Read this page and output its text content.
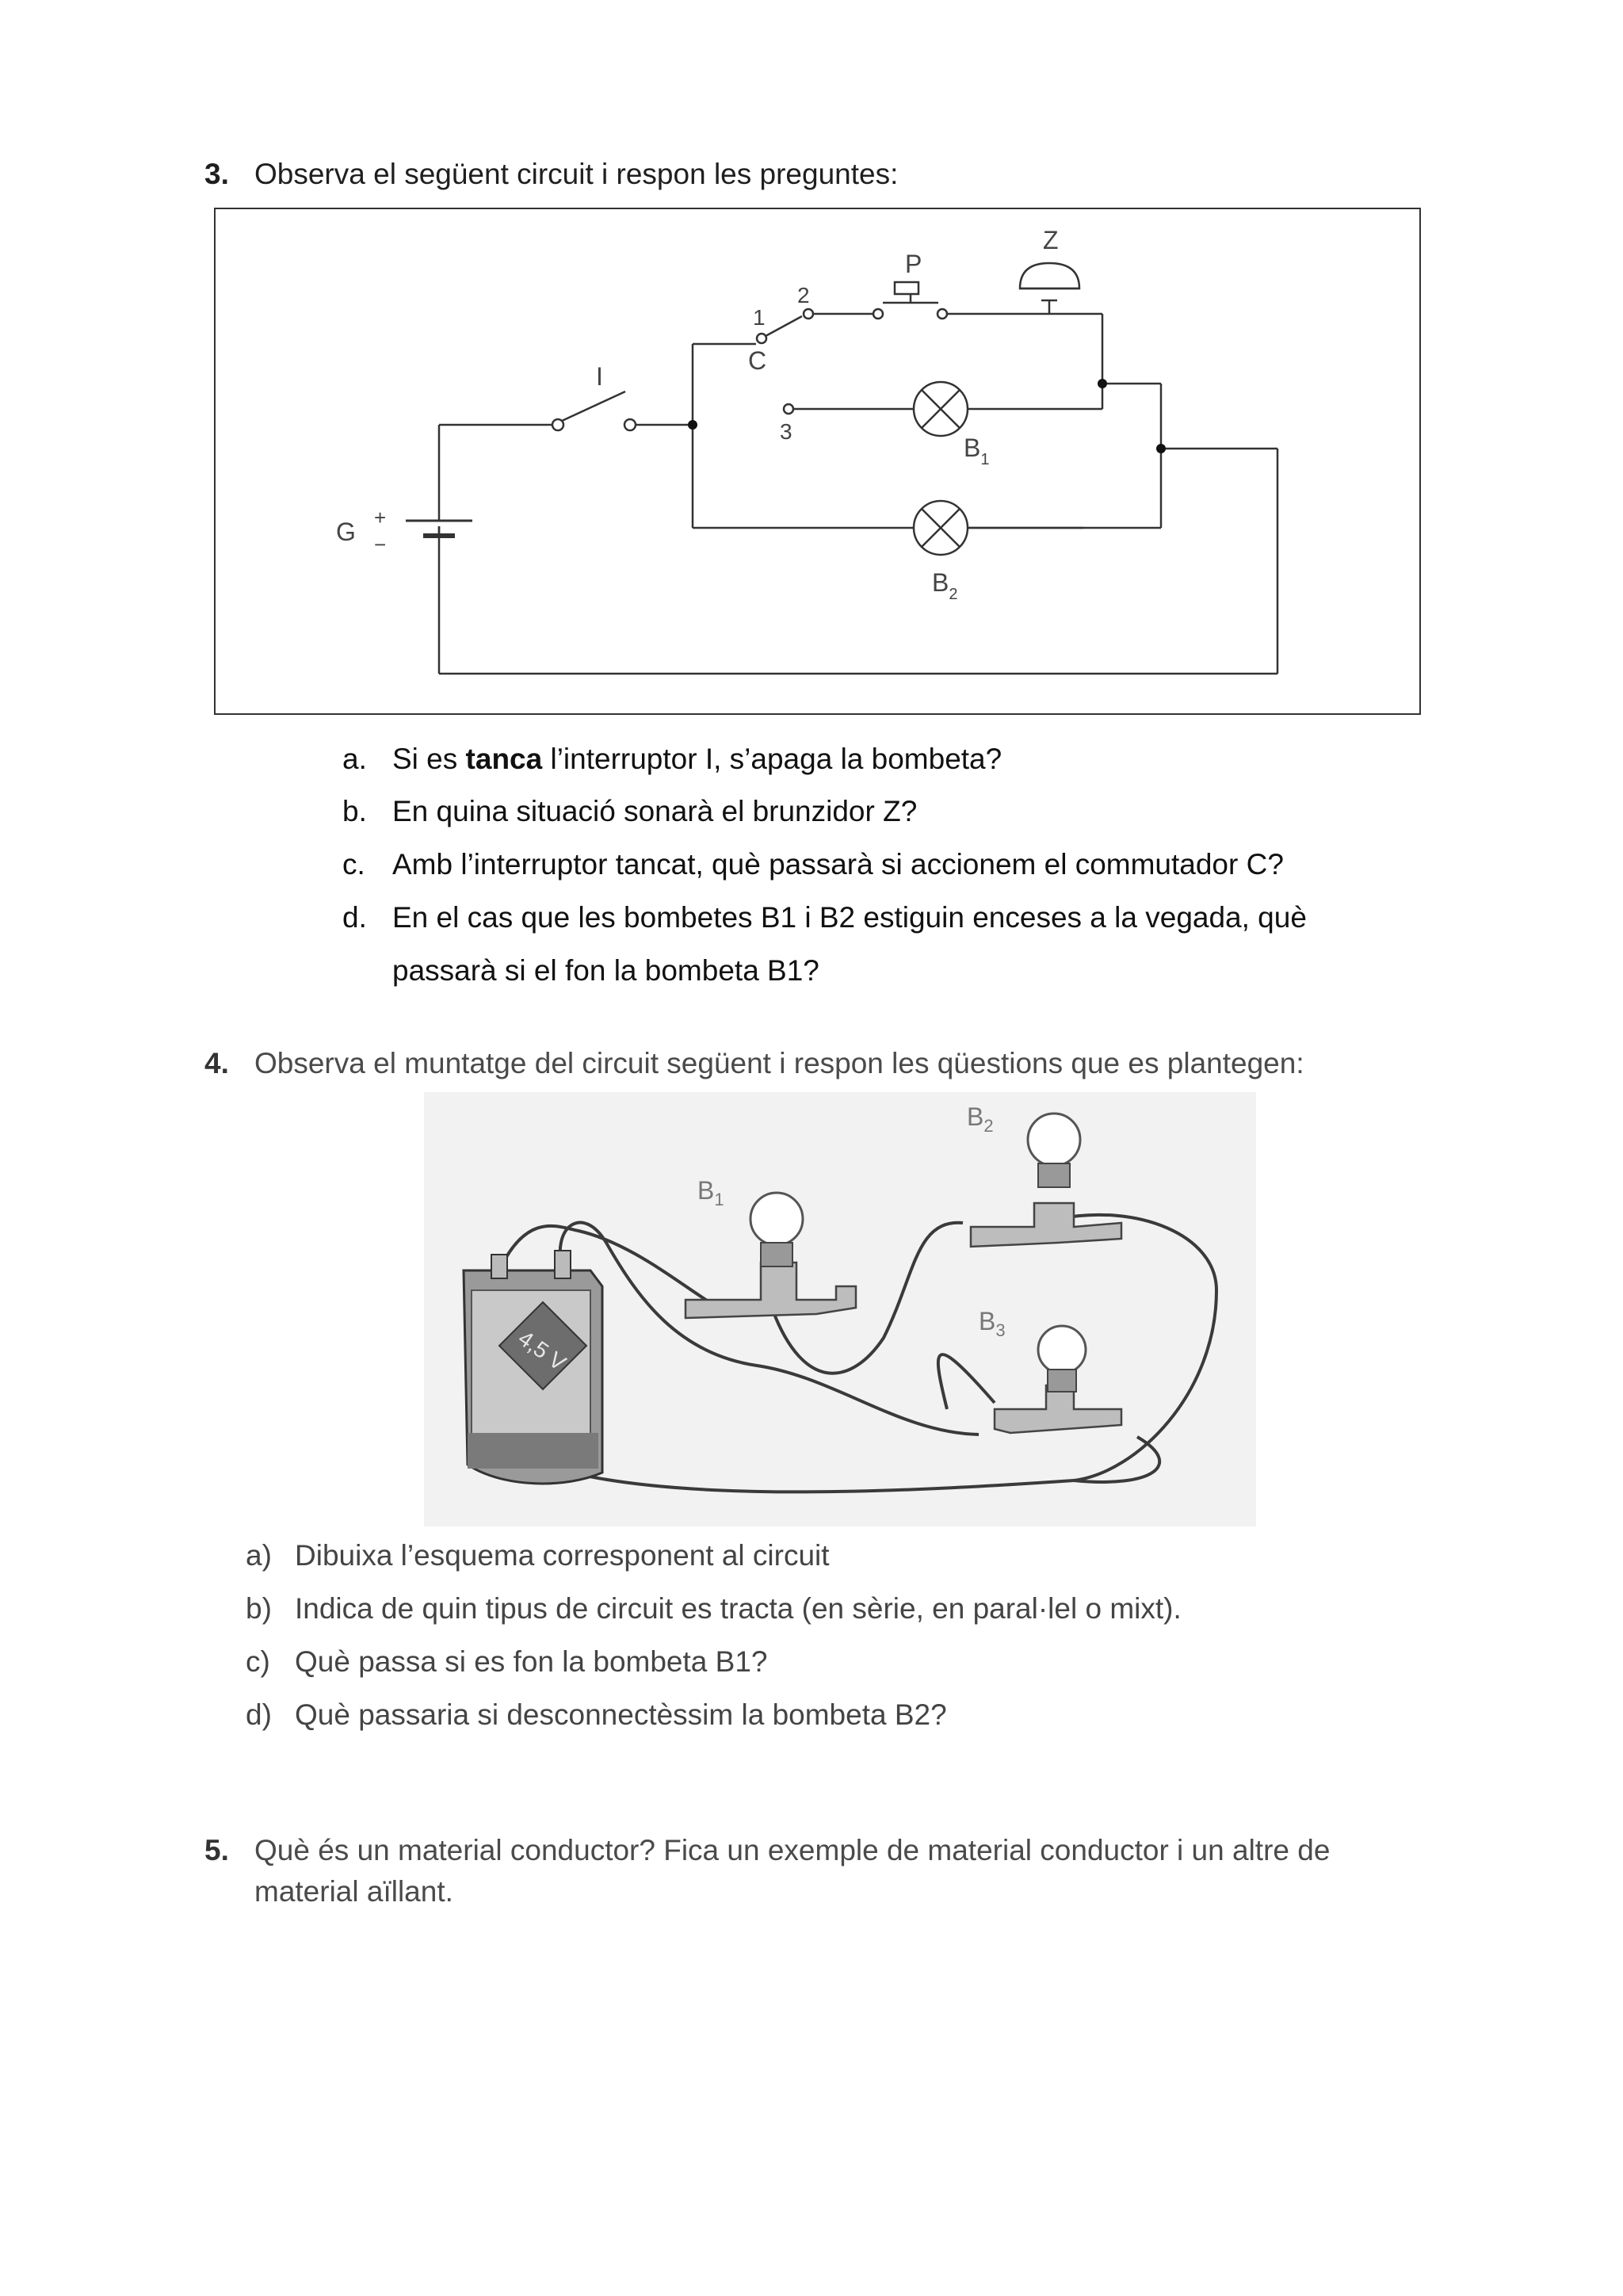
3. Observa el següent circuit i respon les preguntes:
G +
−
I
C
1
2
3
P
Z
$B_1$
$B_2$
a. Si es tanca l’interruptor I, s’apaga la bombeta?
b. En quina situació sonarà el brunzidor Z?
c. Amb l’interruptor tancat, què passarà si accionem el commutador C?
d. En el cas que les bombetes B1 i B2 estiguin enceses a la vegada, què
passarà si el fon la bombeta B1?
4. Observa el muntatge del circuit següent i respon les qüestions que es plantegen:
4,5 V
$B_1$
$B_2$
$B_3$
a) Dibuixa l’esquema corresponent al circuit
b) Indica de quin tipus de circuit es tracta (en sèrie, en paral·lel o mixt).
c) Què passa si es fon la bombeta B1?
d) Què passaria si desconnectèssim la bombeta B2?
5. Què és un material conductor? Fica un exemple de material conductor i un altre de
material aïllant.
